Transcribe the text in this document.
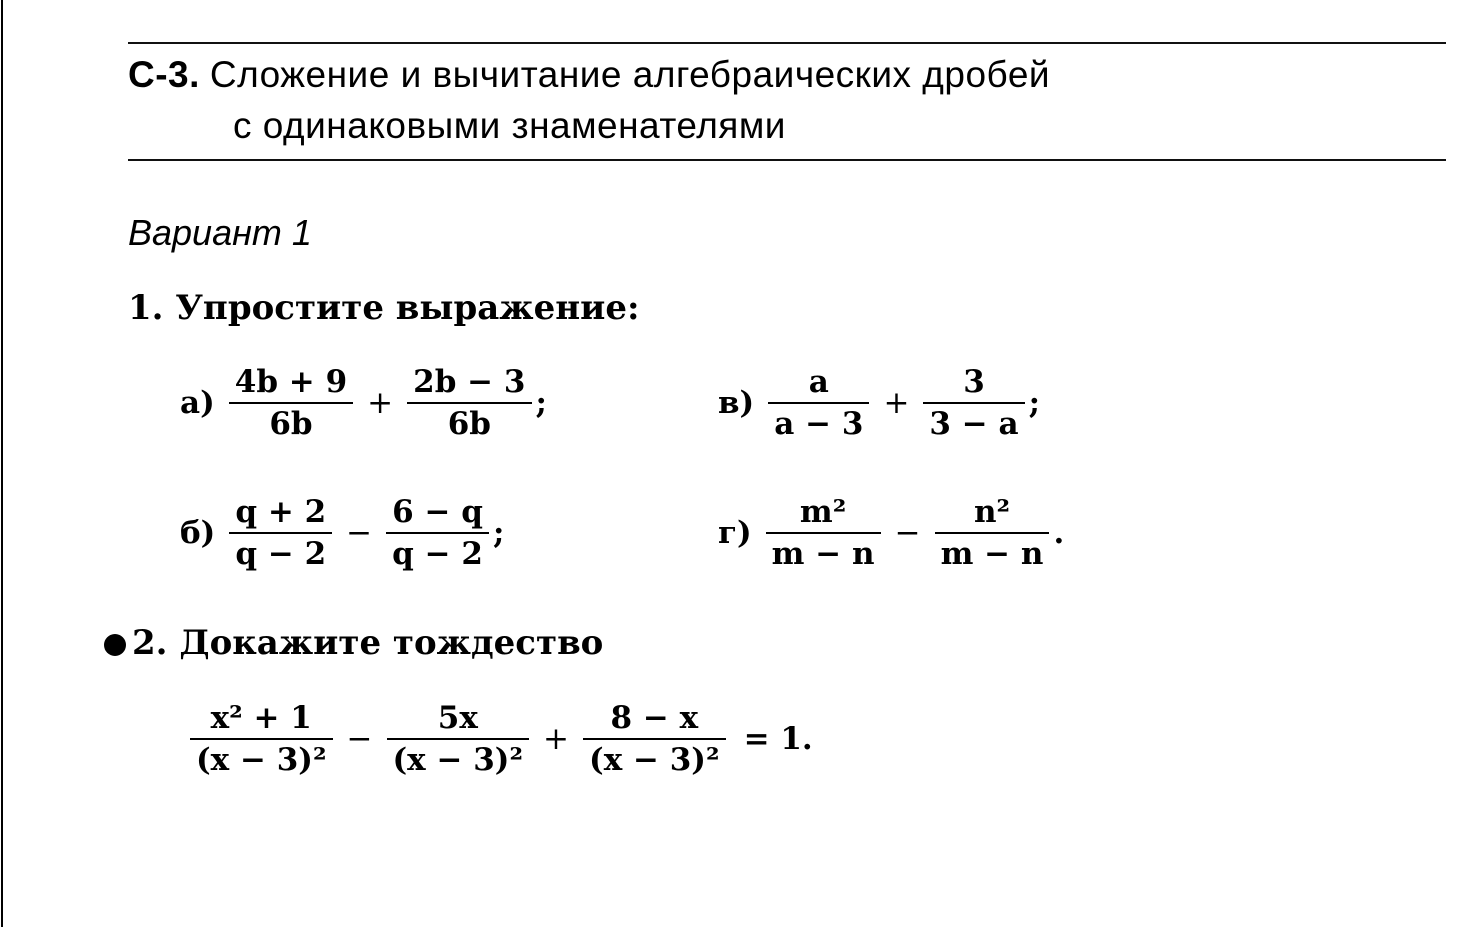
С-3. Сложение и вычитание алгебраических дробей
с одинаковыми знаменателями
Вариант 1
1. Упростите выражение:
$а) \frac{4b + 9}{6b} + \frac{2b - 3}{6b}$ ;	$в) \frac{a}{a - 3} + \frac{3}{3 - a}$ ;
$б) \frac{q + 2}{q - 2} - \frac{6 - q}{q - 2}$ ;	$г) \frac{\text{m²}}{m - n} - \frac{\text{n²}}{m - n}$ .
2. Докажите тождество
$\frac{\text{x² + 1}}{\text{(x − 3)²}} - \frac{5x}{\text{(x − 3)²}} + \frac{8 - x}{\text{(x − 3)²}} = 1$.
